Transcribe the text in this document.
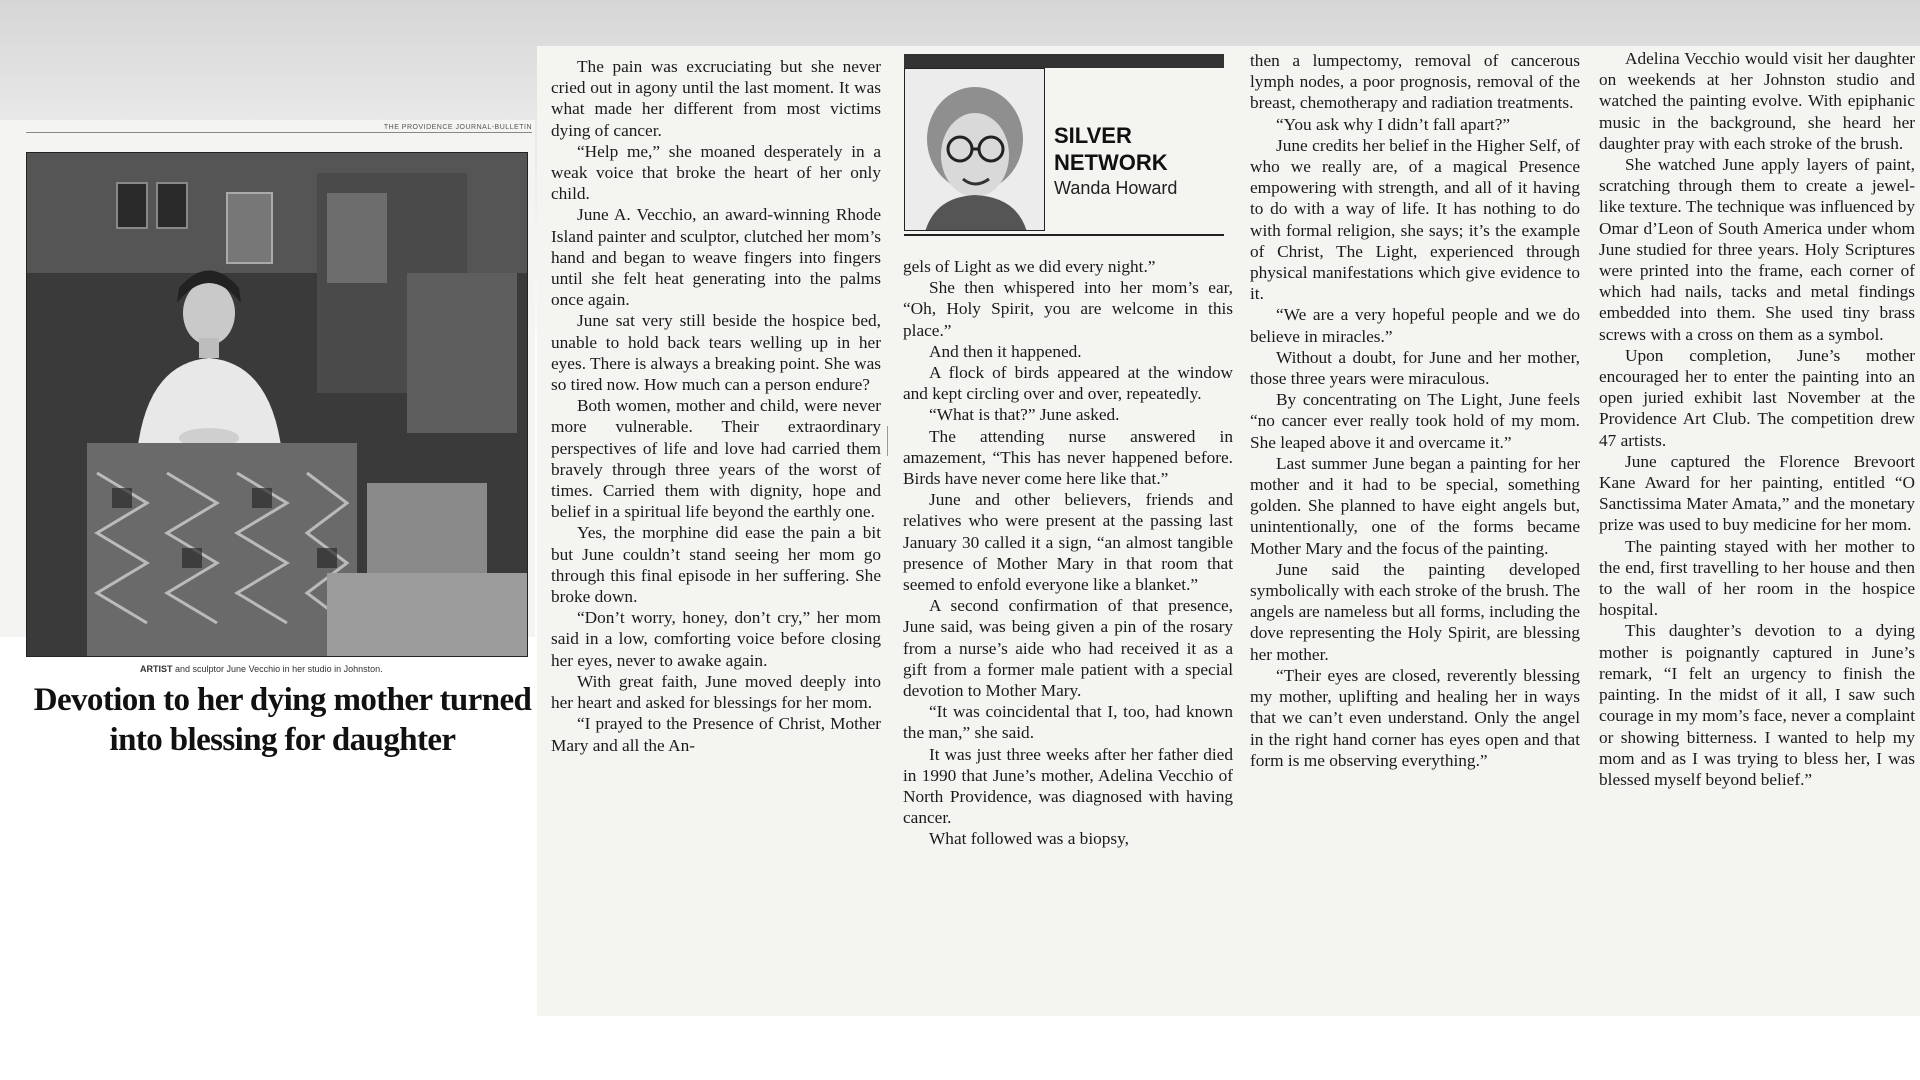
THE PROVIDENCE JOURNAL-BULLETIN
ARTIST and sculptor June Vecchio in her studio in Johnston.
Devotion to her dying mother turned into blessing for daughter

The pain was excruciating but she never cried out in agony until the last moment. It was what made her different from most victims dying of cancer.

“Help me,” she moaned desperately in a weak voice that broke the heart of her only child.

June A. Vecchio, an award-winning Rhode Island painter and sculptor, clutched her mom’s hand and began to weave fingers into fingers until she felt heat generating into the palms once again.

June sat very still beside the hospice bed, unable to hold back tears welling up in her eyes. There is always a breaking point. She was so tired now. How much can a person endure?

Both women, mother and child, were never more vulnerable. Their extraordinary perspectives of life and love had carried them bravely through three years of the worst of times. Carried them with dignity, hope and belief in a spiritual life beyond the earthly one.

Yes, the morphine did ease the pain a bit but June couldn’t stand seeing her mom go through this final episode in her suffering. She broke down.

“Don’t worry, honey, don’t cry,” her mom said in a low, comforting voice before closing her eyes, never to awake again.

With great faith, June moved deeply into her heart and asked for blessings for her mom.

“I prayed to the Presence of Christ, Mother Mary and all the An-

SILVER
NETWORK
Wanda Howard

gels of Light as we did every night.”

She then whispered into her mom’s ear, “Oh, Holy Spirit, you are welcome in this place.”

And then it happened.

A flock of birds appeared at the window and kept circling over and over, repeatedly.

“What is that?” June asked.

The attending nurse answered in amazement, “This has never happened before. Birds have never come here like that.”

June and other believers, friends and relatives who were present at the passing last January 30 called it a sign, “an almost tangible presence of Mother Mary in that room that seemed to enfold everyone like a blanket.”

A second confirmation of that presence, June said, was being given a pin of the rosary from a nurse’s aide who had received it as a gift from a former male patient with a special devotion to Mother Mary.

“It was coincidental that I, too, had known the man,” she said.

It was just three weeks after her father died in 1990 that June’s mother, Adelina Vecchio of North Providence, was diagnosed with having cancer.

What followed was a biopsy,

then a lumpectomy, removal of cancerous lymph nodes, a poor prognosis, removal of the breast, chemotherapy and radiation treatments.

“You ask why I didn’t fall apart?”

June credits her belief in the Higher Self, of who we really are, of a magical Presence empowering with strength, and all of it having to do with a way of life. It has nothing to do with formal religion, she says; it’s the example of Christ, The Light, experienced through physical manifestations which give evidence to it.

“We are a very hopeful people and we do believe in miracles.”

Without a doubt, for June and her mother, those three years were miraculous.

By concentrating on The Light, June feels “no cancer ever really took hold of my mom. She leaped above it and overcame it.”

Last summer June began a painting for her mother and it had to be special, something golden. She planned to have eight angels but, unintentionally, one of the forms became Mother Mary and the focus of the painting.

June said the painting developed symbolically with each stroke of the brush. The angels are nameless but all forms, including the dove representing the Holy Spirit, are blessing her mother.

“Their eyes are closed, reverently blessing my mother, uplifting and healing her in ways that we can’t even understand. Only the angel in the right hand corner has eyes open and that form is me observing everything.”

Adelina Vecchio would visit her daughter on weekends at her Johnston studio and watched the painting evolve. With epiphanic music in the background, she heard her daughter pray with each stroke of the brush.

She watched June apply layers of paint, scratching through them to create a jewel-like texture. The technique was influenced by Omar d’Leon of South America under whom June studied for three years. Holy Scriptures were printed into the frame, each corner of which had nails, tacks and metal findings embedded into them. She used tiny brass screws with a cross on them as a symbol.

Upon completion, June’s mother encouraged her to enter the painting into an open juried exhibit last November at the Providence Art Club. The competition drew 47 artists.

June captured the Florence Brevoort Kane Award for her painting, entitled “O Sanctissima Mater Amata,” and the monetary prize was used to buy medicine for her mom.

The painting stayed with her mother to the end, first travelling to her house and then to the wall of her room in the hospice hospital.

This daughter’s devotion to a dying mother is poignantly captured in June’s remark, “I felt an urgency to finish the painting. In the midst of it all, I saw such courage in my mom’s face, never a complaint or showing bitterness. I wanted to help my mom and as I was trying to bless her, I was blessed myself beyond belief.”
